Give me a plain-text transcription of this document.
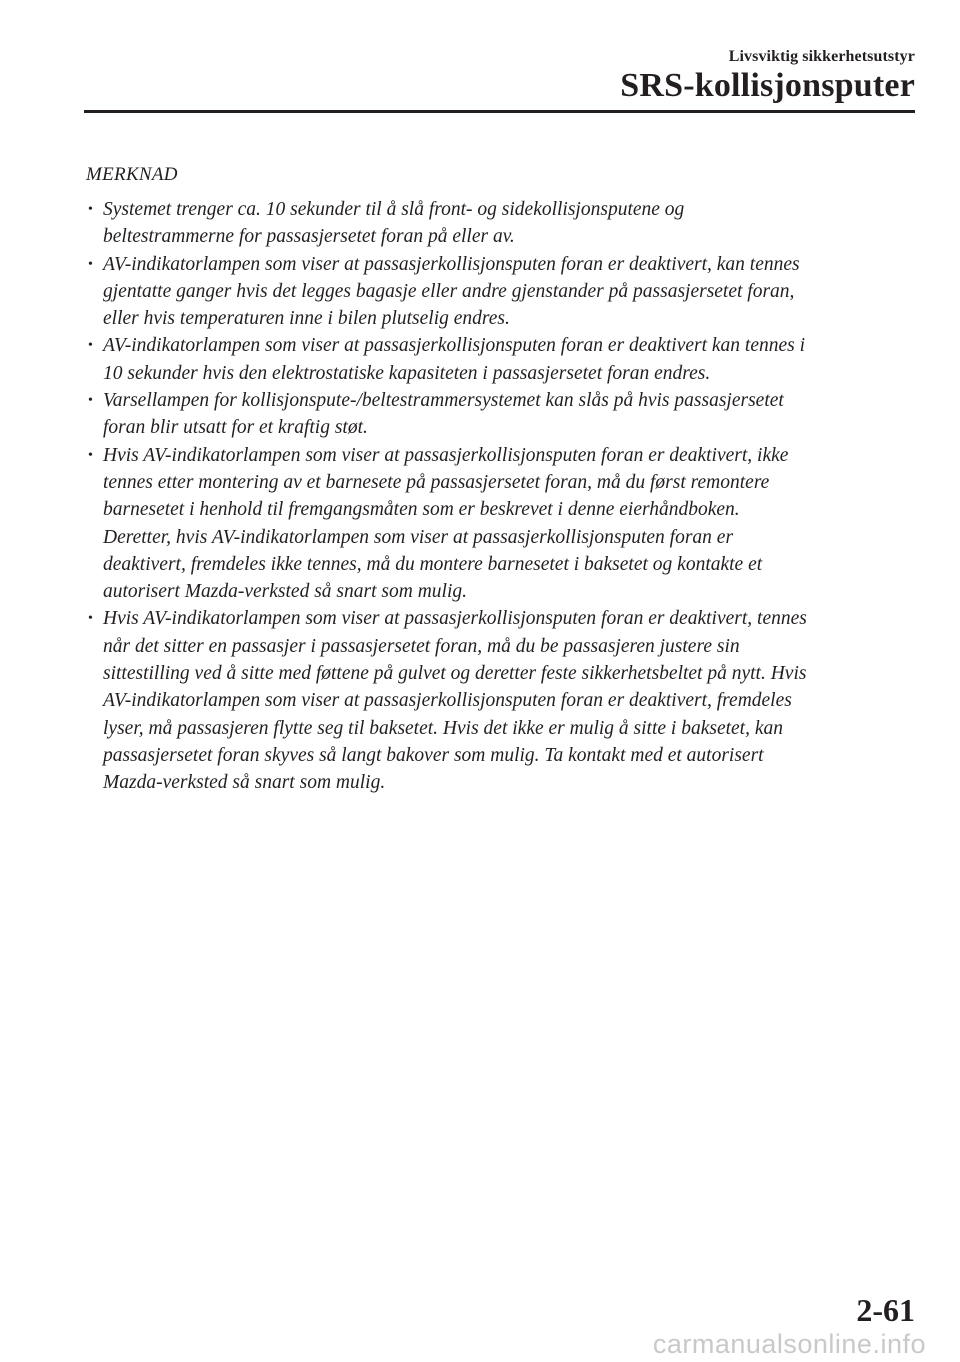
Livsviktig sikkerhetsutstyr
SRS-kollisjonsputer
MERKNAD
• Systemet trenger ca. 10 sekunder til å slå front- og sidekollisjonsputene og
beltestrammerne for passasjersetet foran på eller av.
• AV-indikatorlampen som viser at passasjerkollisjonsputen foran er deaktivert, kan tennes
gjentatte ganger hvis det legges bagasje eller andre gjenstander på passasjersetet foran,
eller hvis temperaturen inne i bilen plutselig endres.
• AV-indikatorlampen som viser at passasjerkollisjonsputen foran er deaktivert kan tennes i
10 sekunder hvis den elektrostatiske kapasiteten i passasjersetet foran endres.
• Varsellampen for kollisjonspute-/beltestrammersystemet kan slås på hvis passasjersetet
foran blir utsatt for et kraftig støt.
• Hvis AV-indikatorlampen som viser at passasjerkollisjonsputen foran er deaktivert, ikke
tennes etter montering av et barnesete på passasjersetet foran, må du først remontere
barnesetet i henhold til fremgangsmåten som er beskrevet i denne eierhåndboken.
Deretter, hvis AV-indikatorlampen som viser at passasjerkollisjonsputen foran er
deaktivert, fremdeles ikke tennes, må du montere barnesetet i baksetet og kontakte et
autorisert Mazda-verksted så snart som mulig.
• Hvis AV-indikatorlampen som viser at passasjerkollisjonsputen foran er deaktivert, tennes
når det sitter en passasjer i passasjersetet foran, må du be passasjeren justere sin
sittestilling ved å sitte med føttene på gulvet og deretter feste sikkerhetsbeltet på nytt. Hvis
AV-indikatorlampen som viser at passasjerkollisjonsputen foran er deaktivert, fremdeles
lyser, må passasjeren flytte seg til baksetet. Hvis det ikke er mulig å sitte i baksetet, kan
passasjersetet foran skyves så langt bakover som mulig. Ta kontakt med et autorisert
Mazda-verksted så snart som mulig.
2-61
carmanualsonline.info
